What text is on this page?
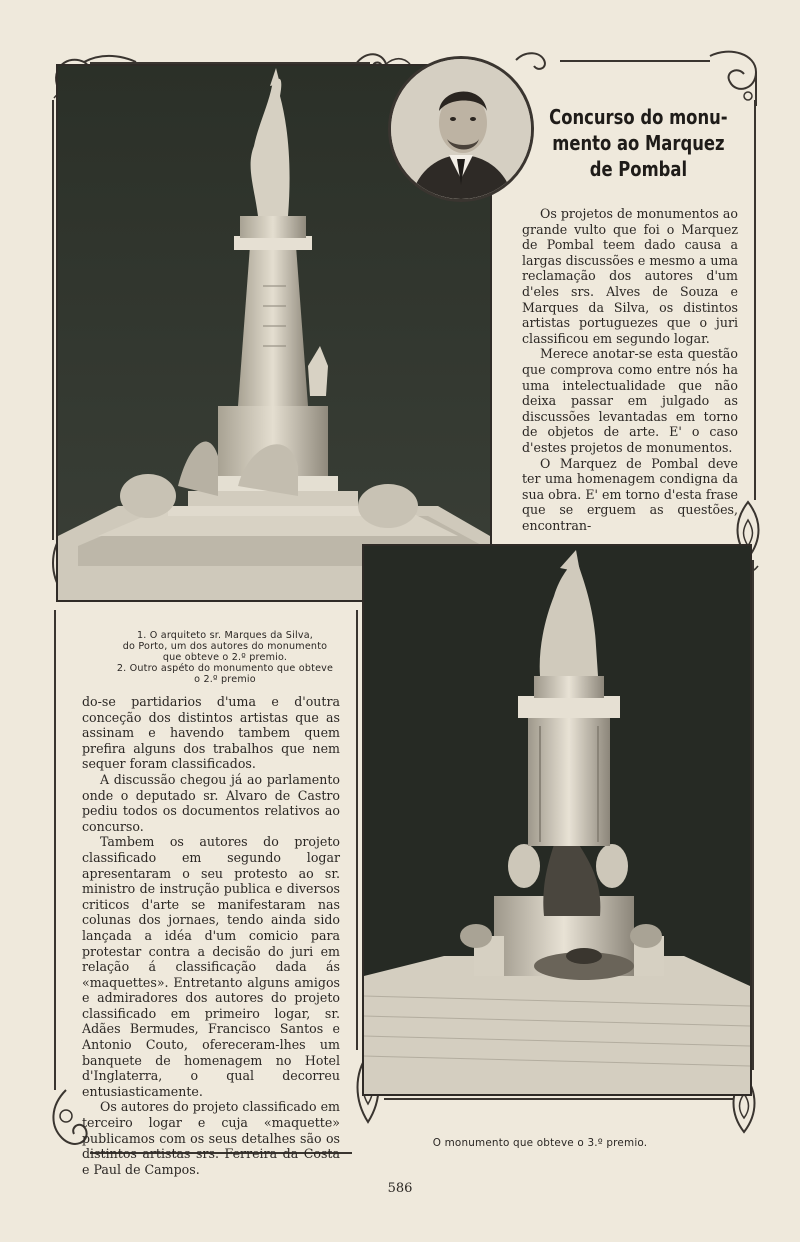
Concurso do monu-
mento ao Marquez
de Pombal

Os projetos de monumentos ao grande vulto que foi o Marquez de Pombal teem dado causa a largas discussões e mesmo a uma reclamação dos autores d'um d'eles srs. Alves de Souza e Marques da Silva, os distintos artistas portuguezes que o juri classificou em segundo logar.

Merece anotar-se esta questão que comprova como entre nós ha uma intelectualidade que não deixa passar em julgado as discussões levantadas em torno de objetos de arte. E' o caso d'estes projetos de monumentos.

O Marquez de Pombal deve ter uma homenagem condigna da sua obra. E' em torno d'esta frase que se erguem as questões, encontran-

1. O arquiteto sr. Marques da Silva,
do Porto, um dos autores do monumento
que obteve o 2.º premio.
2. Outro aspéto do monumento que obteve
o 2.º premio

do-se partidarios d'uma e d'outra conceção dos distintos artistas que as assinam e havendo tambem quem prefira alguns dos trabalhos que nem sequer foram classificados.

A discussão chegou já ao parlamento onde o deputado sr. Alvaro de Castro pediu todos os documentos relativos ao concurso.

Tambem os autores do projeto classificado em segundo logar apresentaram o seu protesto ao sr. ministro de instrução publica e diversos criticos d'arte se manifestaram nas colunas dos jornaes, tendo ainda sido lançada a idéa d'um comicio para protestar contra a decisão do juri em relação á classificação dada ás «maquettes». Entretanto alguns amigos e admiradores dos autores do projeto classificado em primeiro logar, sr. Adães Bermudes, Francisco Santos e Antonio Couto, ofereceram-lhes um banquete de homenagem no Hotel d'Inglaterra, o qual decorreu entusiasticamente.

Os autores do projeto classificado em terceiro logar e cuja «maquette» publicamos com os seus detalhes são os distintos artistas srs. Ferreira da Costa e Paul de Campos.

O monumento que obteve o 3.º premio.
586
